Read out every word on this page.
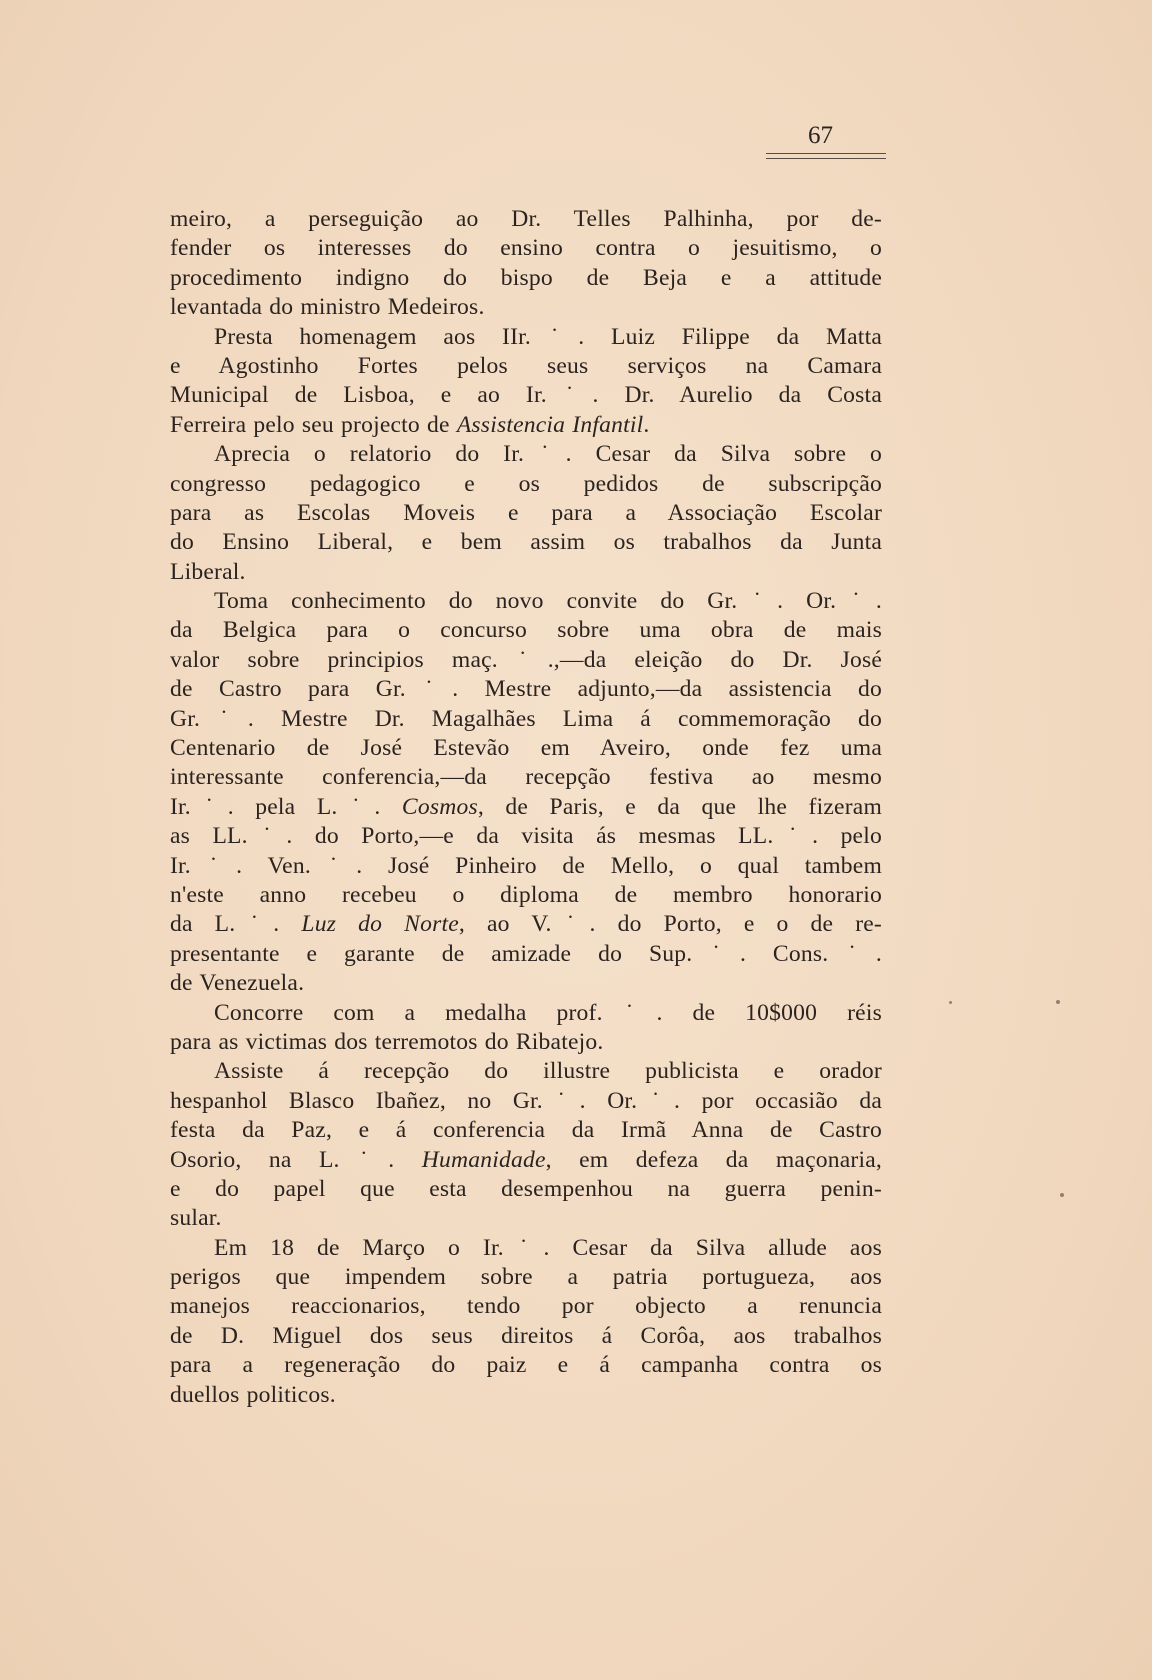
67
meiro, a perseguição ao Dr. Telles Palhinha, por de-
fender os interesses do ensino contra o jesuitismo, o
procedimento indigno do bispo de Beja e a attitude
levantada do ministro Medeiros.
Presta homenagem aos IIr.˙. Luiz Filippe da Matta
e Agostinho Fortes pelos seus serviços na Camara
Municipal de Lisboa, e ao Ir.˙. Dr. Aurelio da Costa
Ferreira pelo seu projecto de Assistencia Infantil.
Aprecia o relatorio do Ir.˙. Cesar da Silva sobre o
congresso pedagogico e os pedidos de subscripção
para as Escolas Moveis e para a Associação Escolar
do Ensino Liberal, e bem assim os trabalhos da Junta
Liberal.
Toma conhecimento do novo convite do Gr.˙. Or.˙.
da Belgica para o concurso sobre uma obra de mais
valor sobre principios maç.˙.,—da eleição do Dr. José
de Castro para Gr.˙. Mestre adjunto,—da assistencia do
Gr.˙. Mestre Dr. Magalhães Lima á commemoração do
Centenario de José Estevão em Aveiro, onde fez uma
interessante conferencia,—da recepção festiva ao mesmo
Ir.˙. pela L.˙. Cosmos, de Paris, e da que lhe fizeram
as LL.˙. do Porto,—e da visita ás mesmas LL.˙. pelo
Ir.˙. Ven.˙. José Pinheiro de Mello, o qual tambem
n'este anno recebeu o diploma de membro honorario
da L.˙. Luz do Norte, ao V.˙. do Porto, e o de re-
presentante e garante de amizade do Sup.˙. Cons.˙.
de Venezuela.
Concorre com a medalha prof.˙. de 10$000 réis
para as victimas dos terremotos do Ribatejo.
Assiste á recepção do illustre publicista e orador
hespanhol Blasco Ibañez, no Gr.˙. Or.˙. por occasião da
festa da Paz, e á conferencia da Irmã Anna de Castro
Osorio, na L.˙. Humanidade, em defeza da maçonaria,
e do papel que esta desempenhou na guerra penin-
sular.
Em 18 de Março o Ir.˙. Cesar da Silva allude aos
perigos que impendem sobre a patria portugueza, aos
manejos reaccionarios, tendo por objecto a renuncia
de D. Miguel dos seus direitos á Corôa, aos trabalhos
para a regeneração do paiz e á campanha contra os
duellos politicos.
